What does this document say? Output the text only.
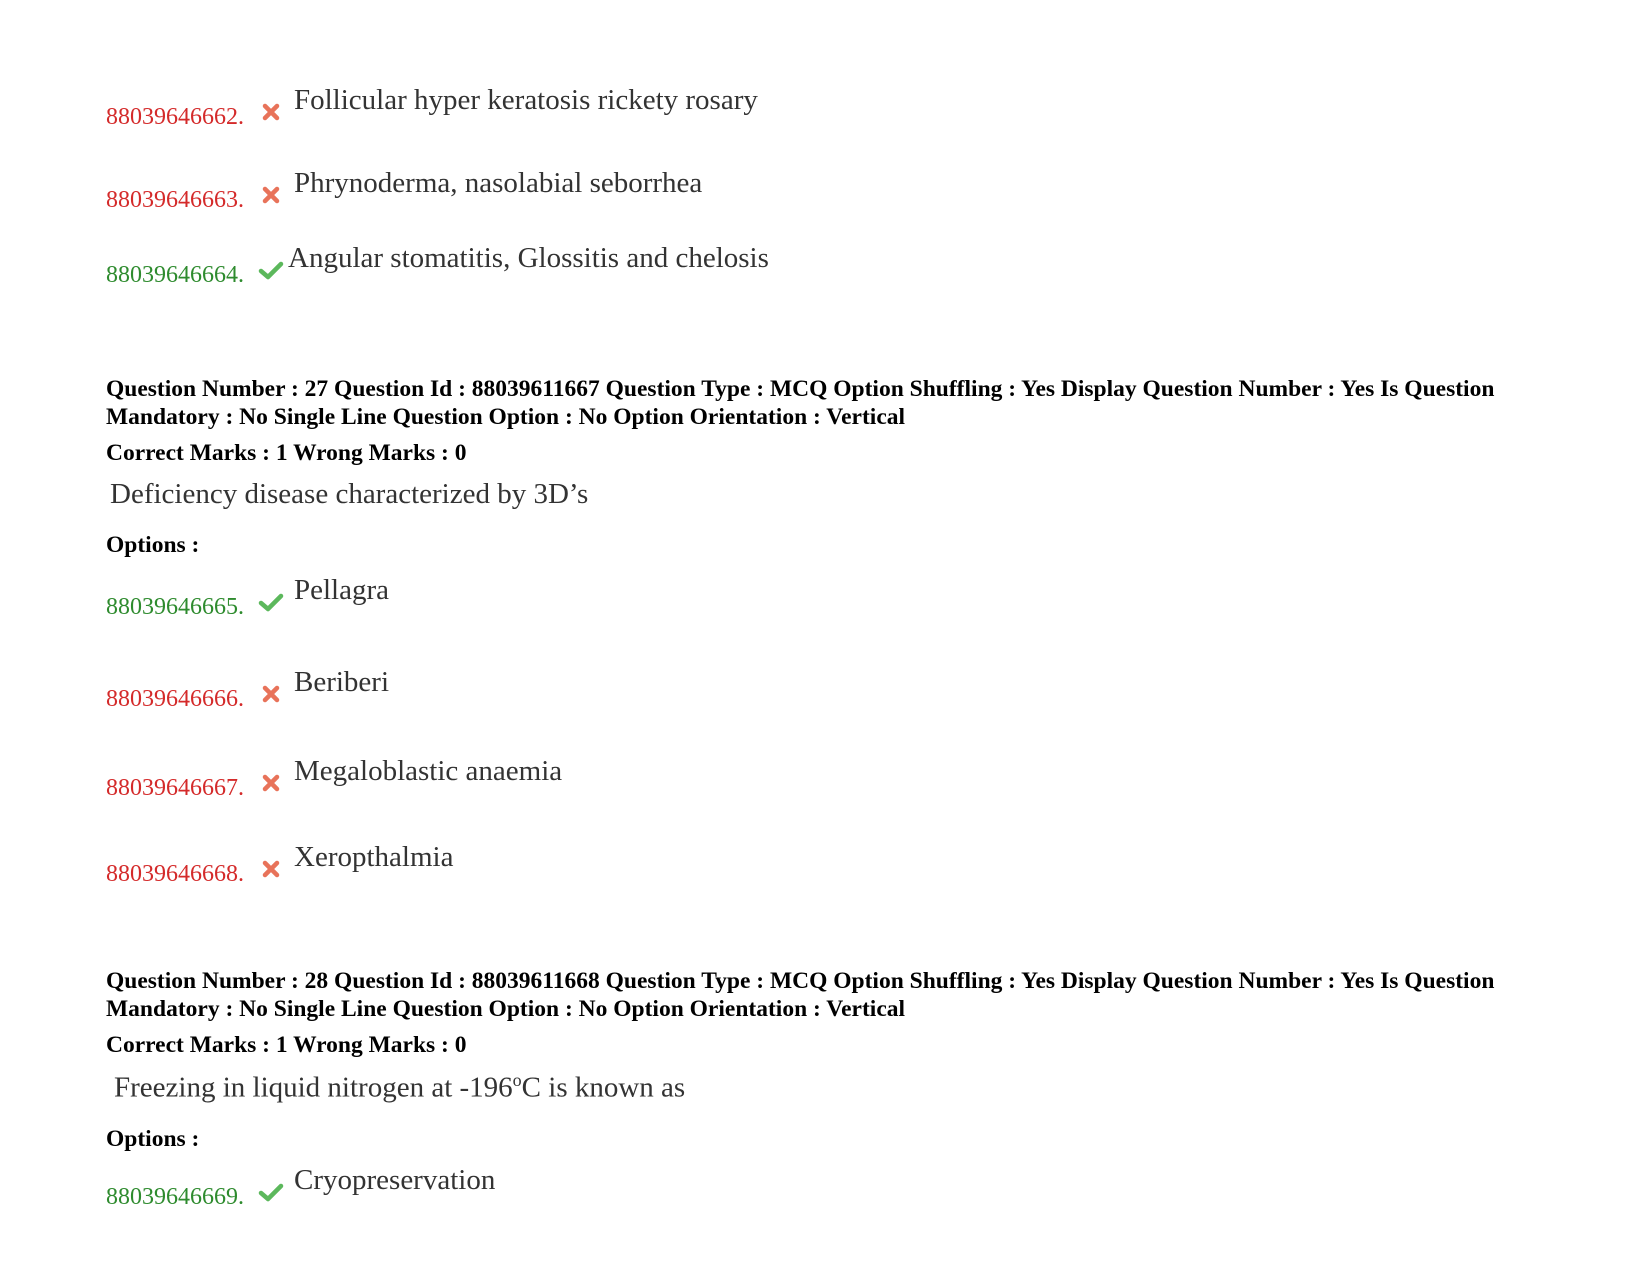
88039646662.
Follicular hyper keratosis rickety rosary
88039646663.
Phrynoderma, nasolabial seborrhea
88039646664.
Angular stomatitis, Glossitis and chelosis
Question Number : 27 Question Id : 88039611667 Question Type : MCQ Option Shuffling : Yes Display Question Number : Yes Is Question Mandatory : No Single Line Question Option : No Option Orientation : Vertical
Correct Marks : 1 Wrong Marks : 0
Deficiency disease characterized by 3D’s
Options :
88039646665.
Pellagra
88039646666.
Beriberi
88039646667.
Megaloblastic anaemia
88039646668.
Xeropthalmia
Question Number : 28 Question Id : 88039611668 Question Type : MCQ Option Shuffling : Yes Display Question Number : Yes Is Question Mandatory : No Single Line Question Option : No Option Orientation : Vertical
Correct Marks : 1 Wrong Marks : 0
Freezing in liquid nitrogen at -196$^o$C is known as
Options :
88039646669.
Cryopreservation
